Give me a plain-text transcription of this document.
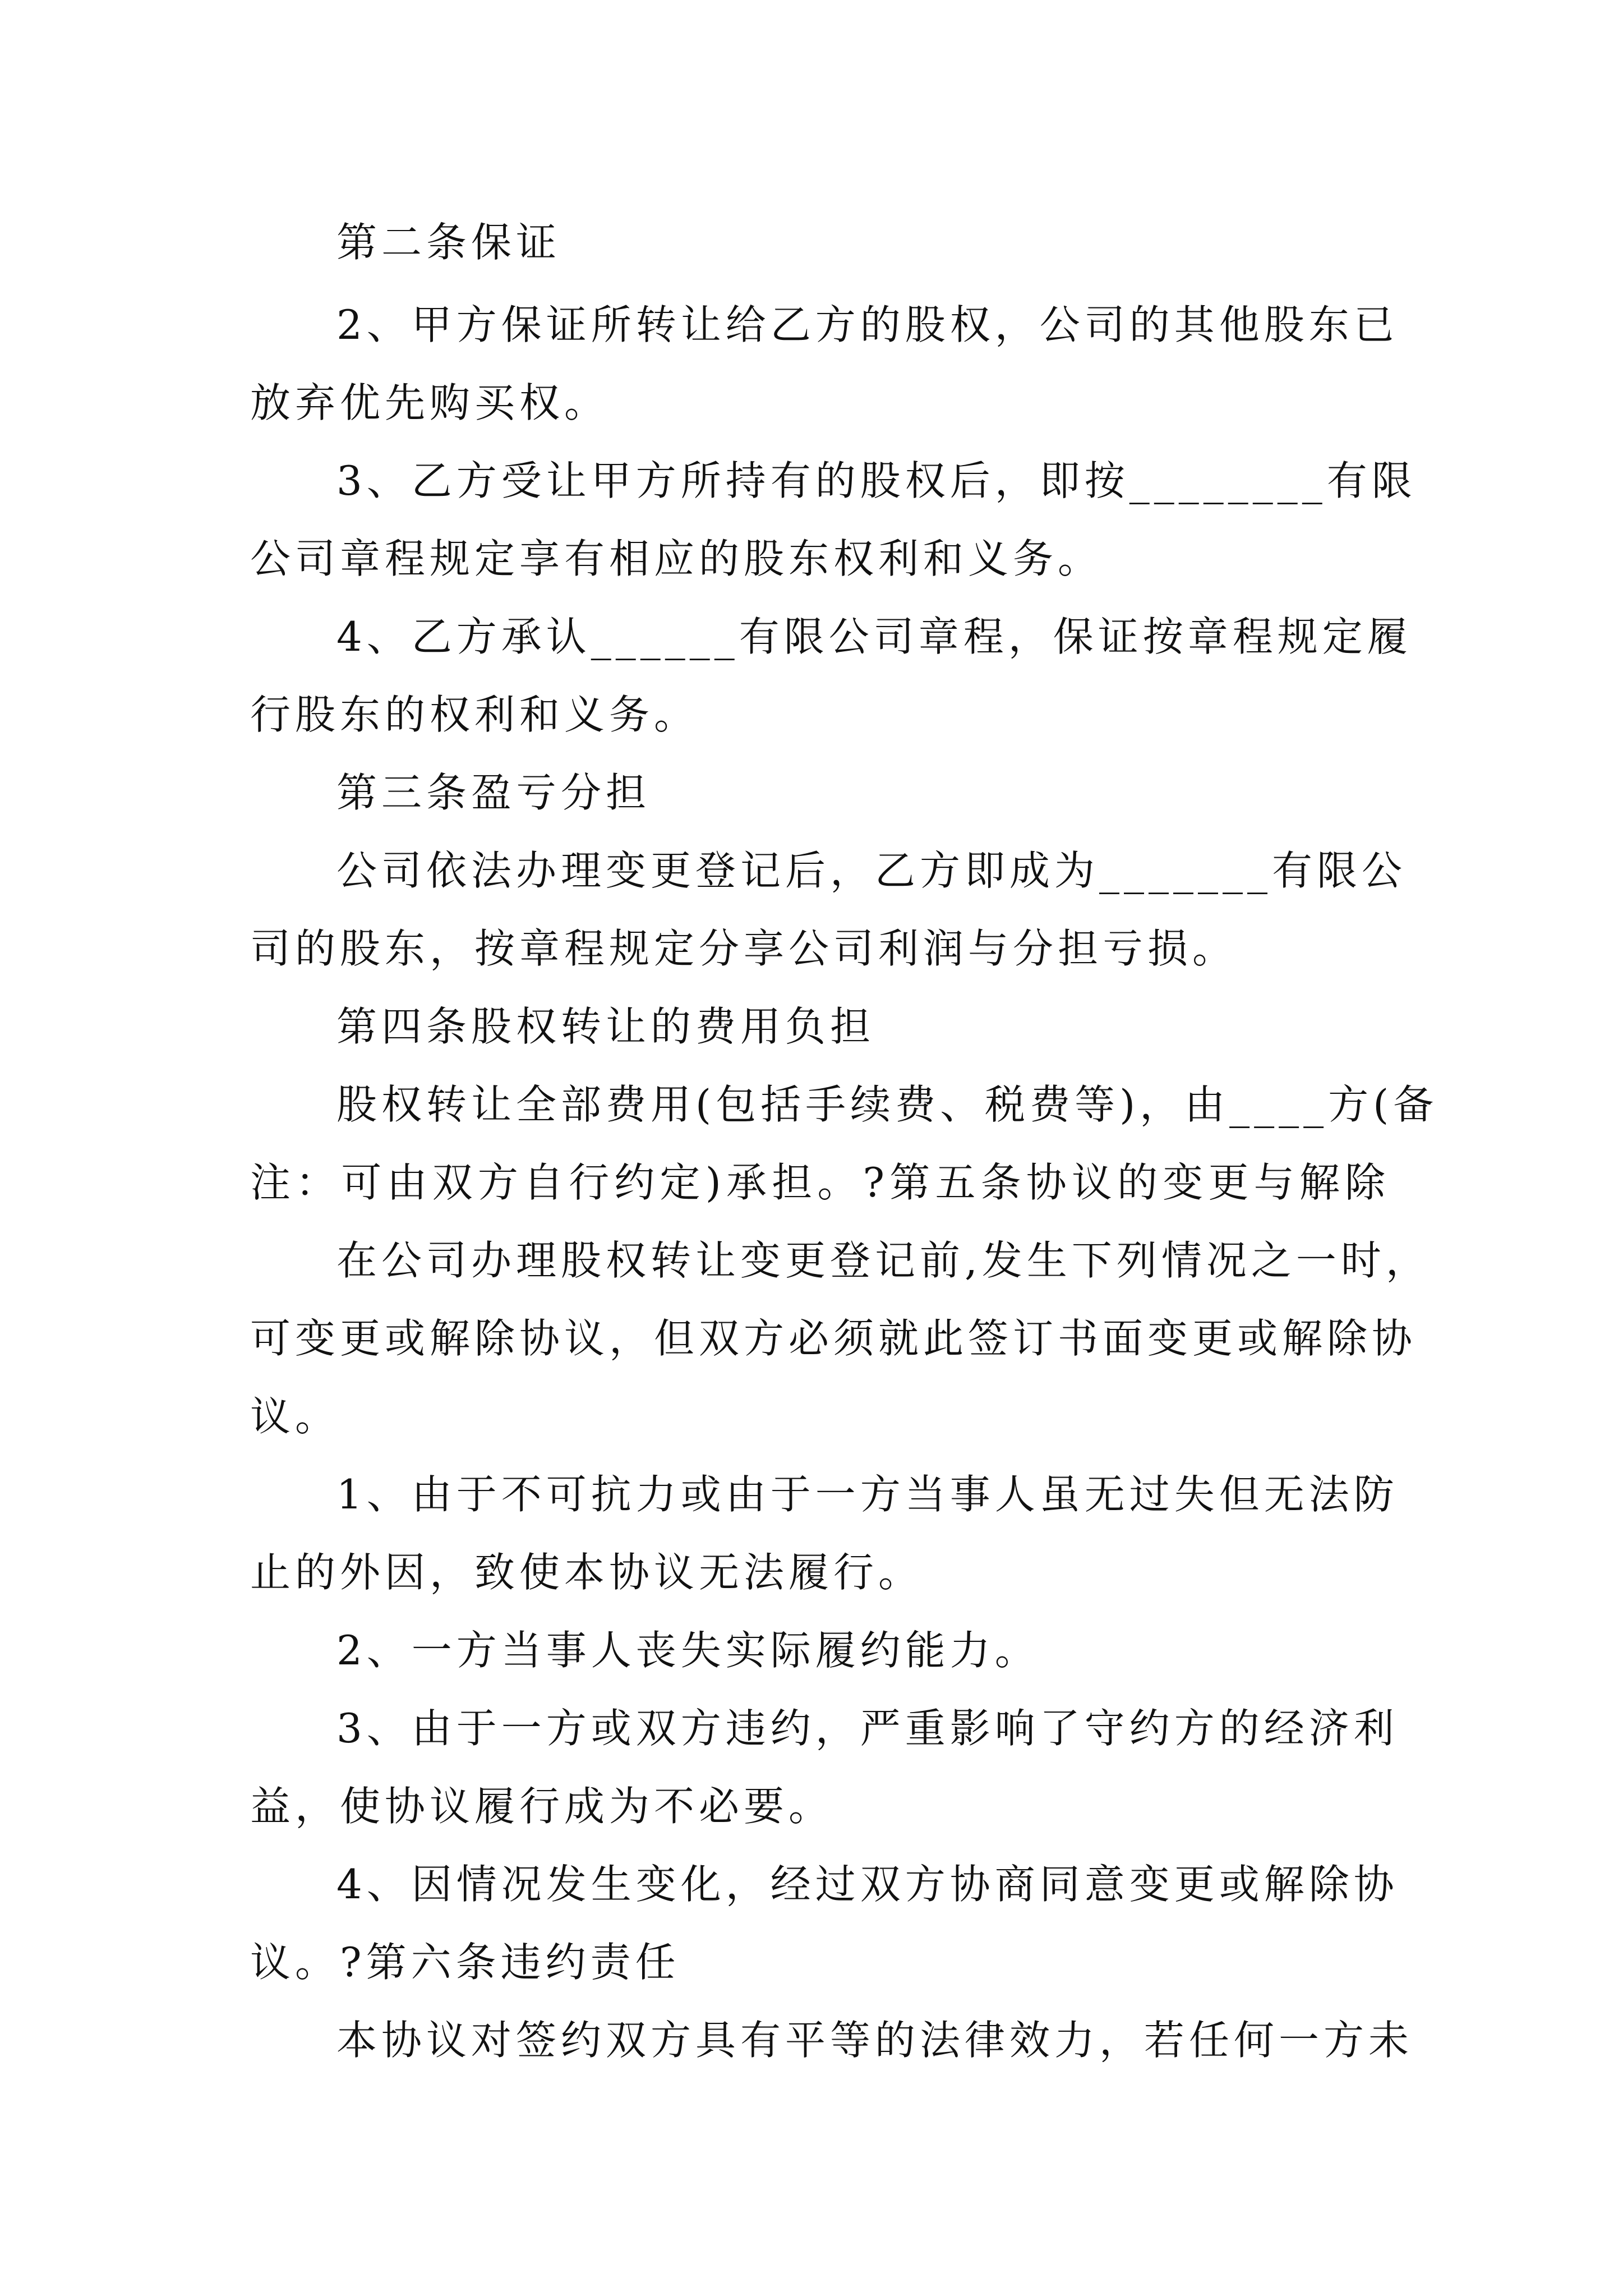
第二条保证
2、甲方保证所转让给乙方的股权，公司的其他股东已
放弃优先购买权。
3、乙方受让甲方所持有的股权后，即按________有限
公司章程规定享有相应的股东权利和义务。
4、乙方承认______有限公司章程，保证按章程规定履
行股东的权利和义务。
第三条盈亏分担
公司依法办理变更登记后，乙方即成为_______有限公
司的股东，按章程规定分享公司利润与分担亏损。
第四条股权转让的费用负担
股权转让全部费用(包括手续费、税费等)，由____方(备
注：可由双方自行约定)承担。?第五条协议的变更与解除
在公司办理股权转让变更登记前,发生下列情况之一时，
可变更或解除协议，但双方必须就此签订书面变更或解除协
议。
1、由于不可抗力或由于一方当事人虽无过失但无法防
止的外因，致使本协议无法履行。
2、一方当事人丧失实际履约能力。
3、由于一方或双方违约，严重影响了守约方的经济利
益，使协议履行成为不必要。
4、因情况发生变化，经过双方协商同意变更或解除协
议。?第六条违约责任
本协议对签约双方具有平等的法律效力，若任何一方未
